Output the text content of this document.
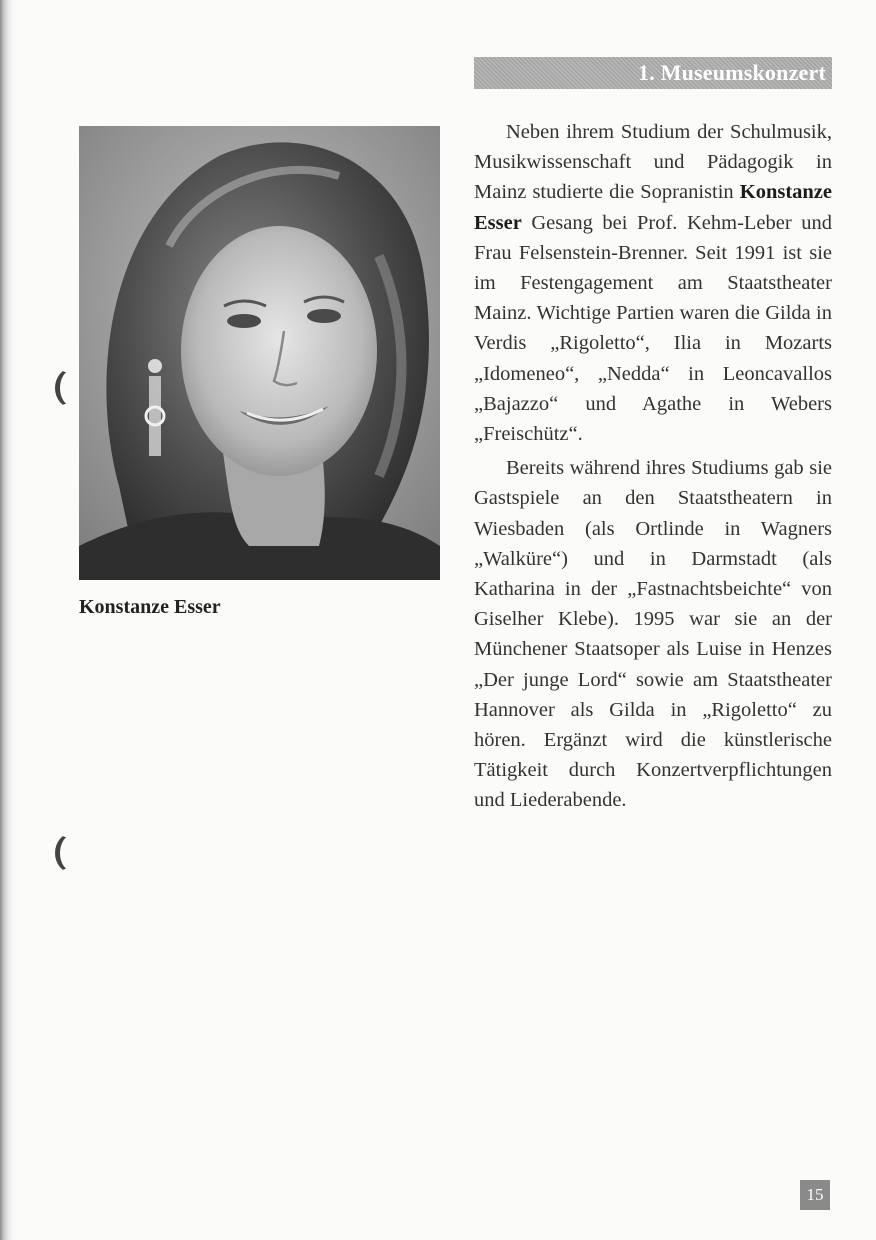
1. Museumskonzert
Konstanze Esser

Neben ihrem Studium der Schulmusik, Musikwissenschaft und Pädagogik in Mainz studierte die Sopranistin Konstanze Esser Gesang bei Prof. Kehm-Leber und Frau Felsenstein-Brenner. Seit 1991 ist sie im Festengagement am Staatstheater Mainz. Wichtige Partien waren die Gilda in Verdis „Rigoletto“, Ilia in Mozarts „Idomeneo“, „Nedda“ in Leoncavallos „Bajazzo“ und Agathe in Webers „Freischütz“.

Bereits während ihres Studiums gab sie Gastspiele an den Staatstheatern in Wiesbaden (als Ortlinde in Wagners „Walküre“) und in Darmstadt (als Katharina in der „Fastnachtsbeichte“ von Giselher Klebe). 1995 war sie an der Münchener Staatsoper als Luise in Henzes „Der junge Lord“ sowie am Staatstheater Hannover als Gilda in „Rigoletto“ zu hören. Ergänzt wird die künstlerische Tätigkeit durch Konzertverpflichtungen und Liederabende.

15
